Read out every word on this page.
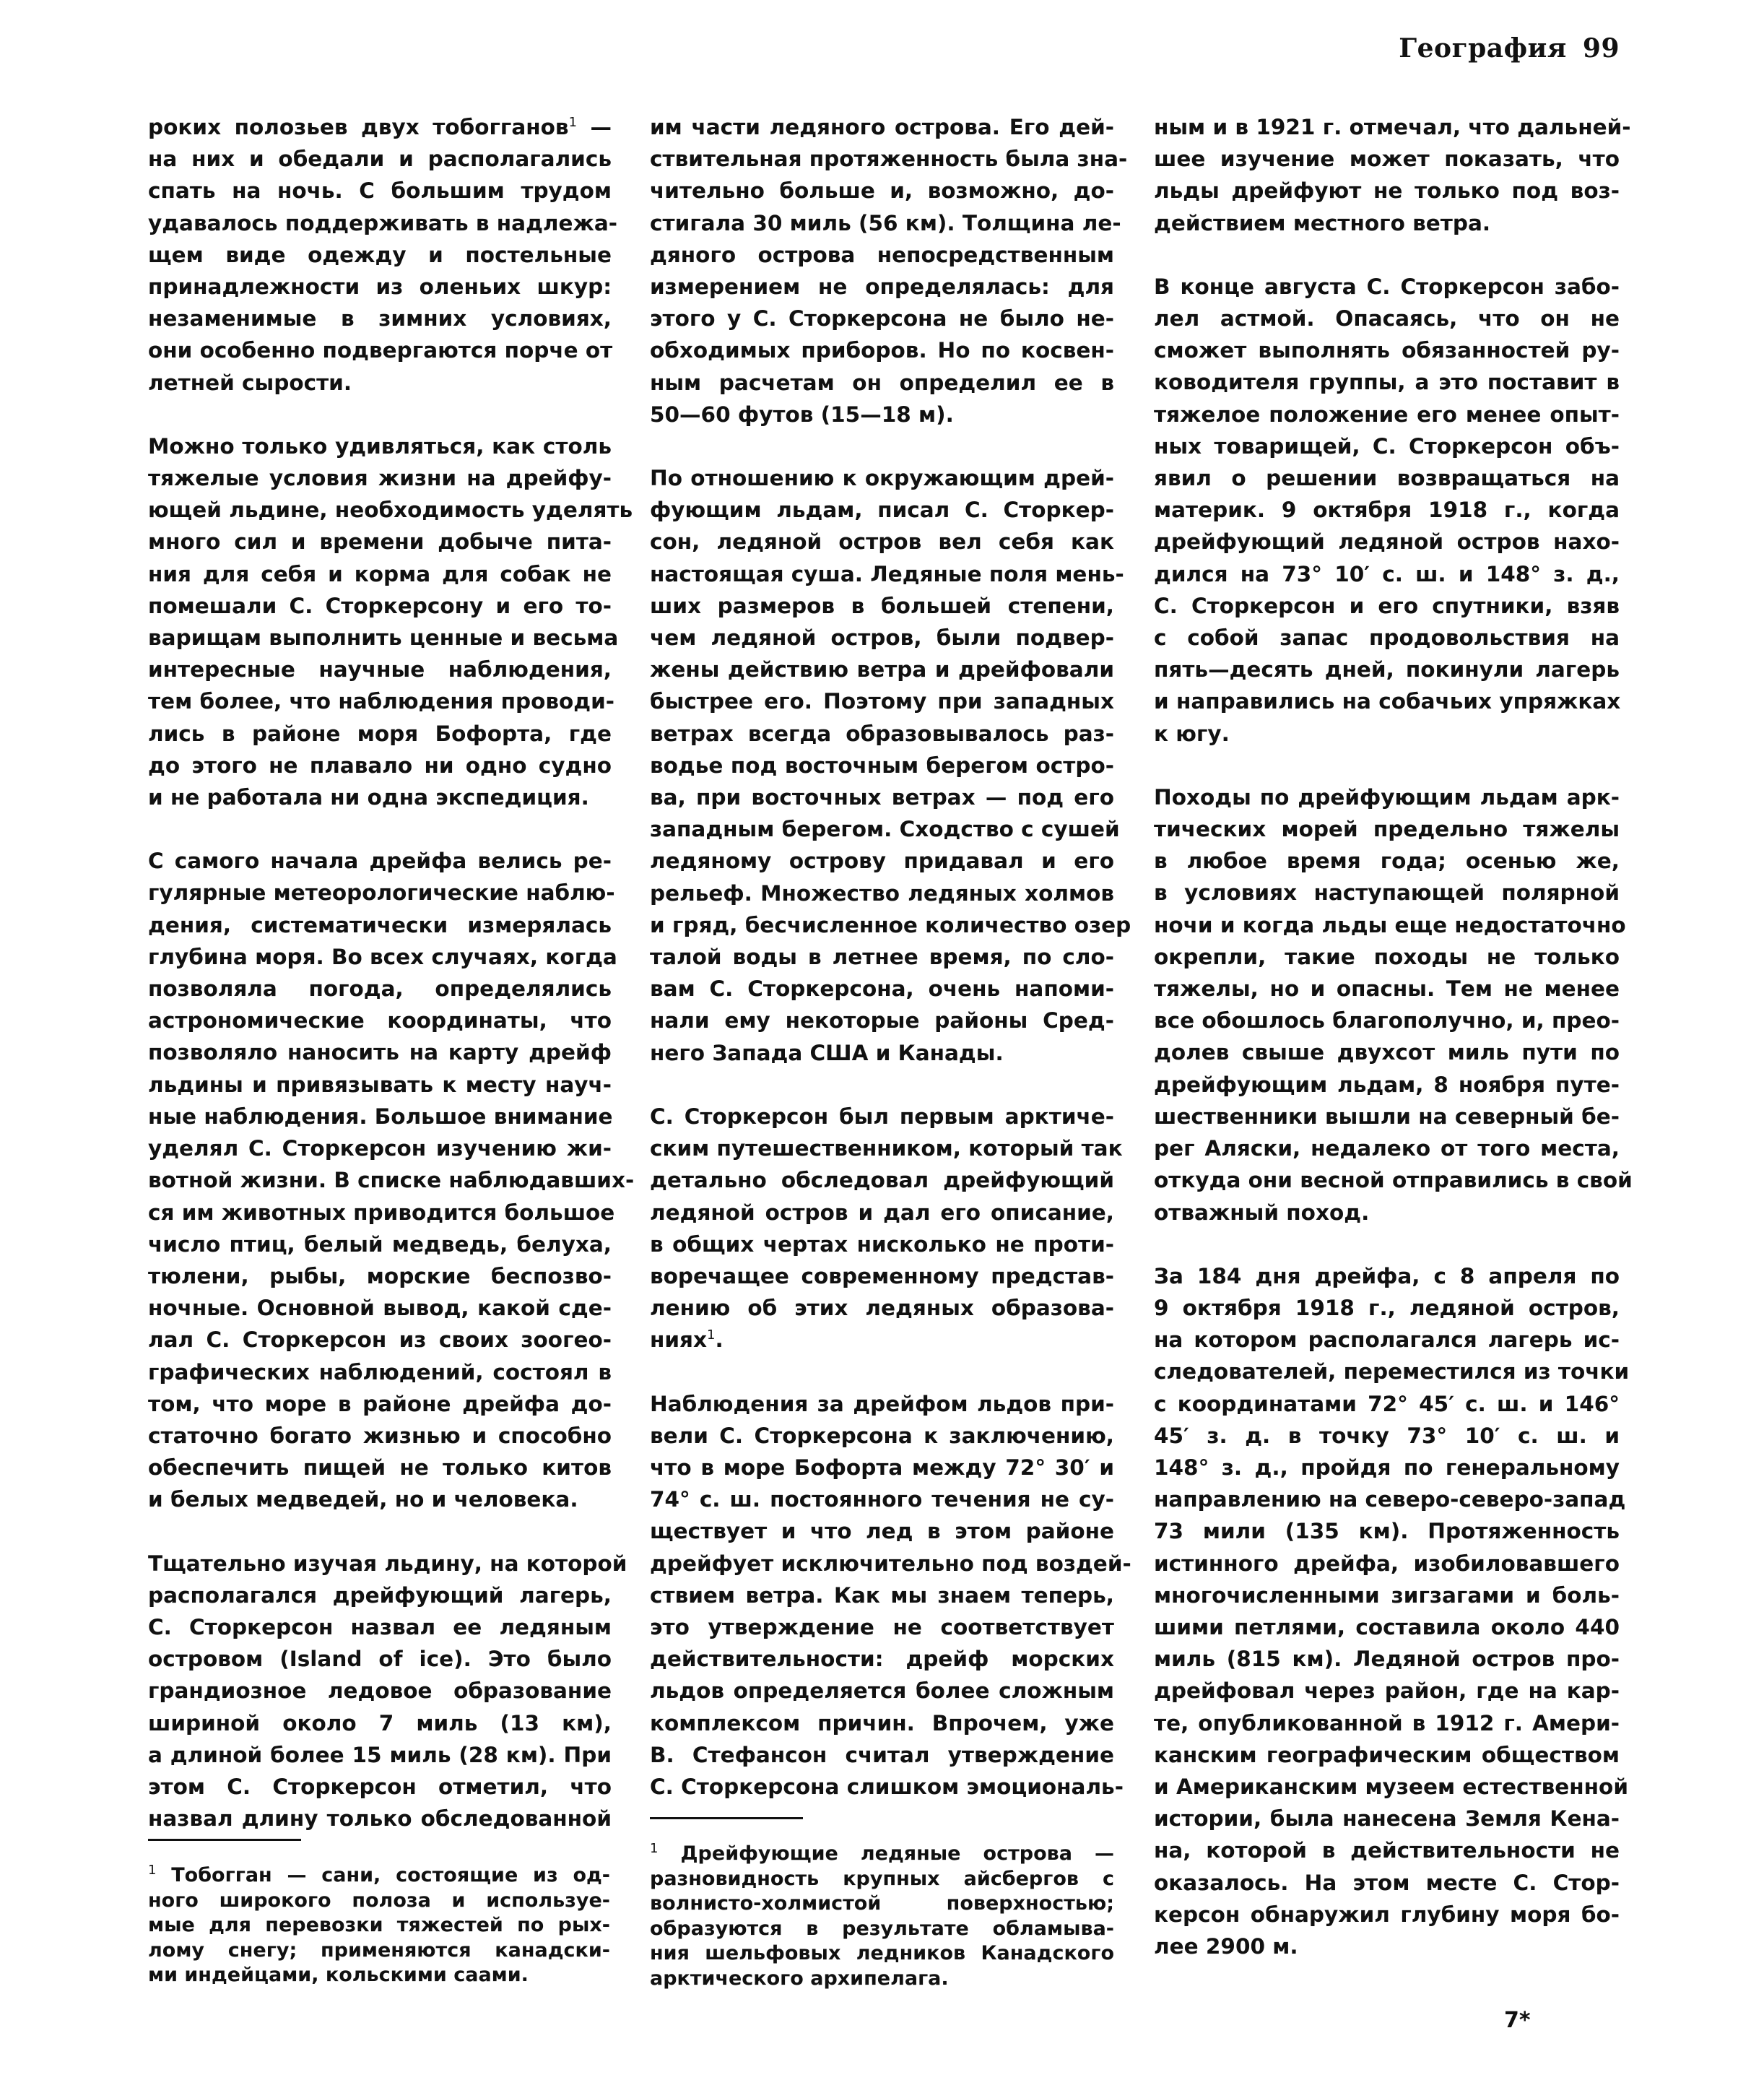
География 99

роких полозьев двух тобогганов$^1$ —
на них и обедали и располагались
спать на ночь. С большим трудом
удавалось поддерживать в надлежа-
щем виде одежду и постельные
принадлежности из оленьих шкур:
незаменимые в зимних условиях,
они особенно подвергаются порче от
летней сырости.

Можно только удивляться, как столь
тяжелые условия жизни на дрейфу-
ющей льдине, необходимость уделять
много сил и времени добыче пита-
ния для себя и корма для собак не
помешали С. Сторкерсону и его то-
варищам выполнить ценные и весьма
интересные научные наблюдения,
тем более, что наблюдения проводи-
лись в районе моря Бофорта, где
до этого не плавало ни одно судно
и не работала ни одна экспедиция.

С самого начала дрейфа велись ре-
гулярные метеорологические наблю-
дения, систематически измерялась
глубина моря. Во всех случаях, когда
позволяла погода, определялись
астрономические координаты, что
позволяло наносить на карту дрейф
льдины и привязывать к месту науч-
ные наблюдения. Большое внимание
уделял С. Сторкерсон изучению жи-
вотной жизни. В списке наблюдавших-
ся им животных приводится большое
число птиц, белый медведь, белуха,
тюлени, рыбы, морские беспозво-
ночные. Основной вывод, какой сде-
лал С. Сторкерсон из своих зоогео-
графических наблюдений, состоял в
том, что море в районе дрейфа до-
статочно богато жизнью и способно
обеспечить пищей не только китов
и белых медведей, но и человека.

Тщательно изучая льдину, на которой
располагался дрейфующий лагерь,
С. Сторкерсон назвал ее ледяным
островом (Island of ice). Это было
грандиозное ледовое образование
шириной около 7 миль (13 км),
а длиной более 15 миль (28 км). При
этом С. Сторкерсон отметил, что
назвал длину только обследованной

им части ледяного острова. Его дей-
ствительная протяженность была зна-
чительно больше и, возможно, до-
стигала 30 миль (56 км). Толщина ле-
дяного острова непосредственным
измерением не определялась: для
этого у С. Сторкерсона не было не-
обходимых приборов. Но по косвен-
ным расчетам он определил ее в
50—60 футов (15—18 м).

По отношению к окружающим дрей-
фующим льдам, писал С. Сторкер-
сон, ледяной остров вел себя как
настоящая суша. Ледяные поля мень-
ших размеров в большей степени,
чем ледяной остров, были подвер-
жены действию ветра и дрейфовали
быстрее его. Поэтому при западных
ветрах всегда образовывалось раз-
водье под восточным берегом остро-
ва, при восточных ветрах — под его
западным берегом. Сходство с сушей
ледяному острову придавал и его
рельеф. Множество ледяных холмов
и гряд, бесчисленное количество озер
талой воды в летнее время, по сло-
вам С. Сторкерсона, очень напоми-
нали ему некоторые районы Сред-
него Запада США и Канады.

С. Сторкерсон был первым арктиче-
ским путешественником, который так
детально обследовал дрейфующий
ледяной остров и дал его описание,
в общих чертах нисколько не проти-
воречащее современному представ-
лению об этих ледяных образова-
ниях$^1$.

Наблюдения за дрейфом льдов при-
вели С. Сторкерсона к заключению,
что в море Бофорта между 72° 30′ и
74° с. ш. постоянного течения не су-
ществует и что лед в этом районе
дрейфует исключительно под воздей-
ствием ветра. Как мы знаем теперь,
это утверждение не соответствует
действительности: дрейф морских
льдов определяется более сложным
комплексом причин. Впрочем, уже
В. Стефансон считал утверждение
С. Сторкерсона слишком эмоциональ-

ным и в 1921 г. отмечал, что дальней-
шее изучение может показать, что
льды дрейфуют не только под воз-
действием местного ветра.

В конце августа С. Сторкерсон забо-
лел астмой. Опасаясь, что он не
сможет выполнять обязанностей ру-
ководителя группы, а это поставит в
тяжелое положение его менее опыт-
ных товарищей, С. Сторкерсон объ-
явил о решении возвращаться на
материк. 9 октября 1918 г., когда
дрейфующий ледяной остров нахо-
дился на 73° 10′ с. ш. и 148° з. д.,
С. Сторкерсон и его спутники, взяв
с собой запас продовольствия на
пять—десять дней, покинули лагерь
и направились на собачьих упряжках
к югу.

Походы по дрейфующим льдам арк-
тических морей предельно тяжелы
в любое время года; осенью же,
в условиях наступающей полярной
ночи и когда льды еще недостаточно
окрепли, такие походы не только
тяжелы, но и опасны. Тем не менее
все обошлось благополучно, и, прео-
долев свыше двухсот миль пути по
дрейфующим льдам, 8 ноября путе-
шественники вышли на северный бе-
рег Аляски, недалеко от того места,
откуда они весной отправились в свой
отважный поход.

За 184 дня дрейфа, с 8 апреля по
9 октября 1918 г., ледяной остров,
на котором располагался лагерь ис-
следователей, переместился из точки
с координатами 72° 45′ с. ш. и 146°
45′ з. д. в точку 73° 10′ с. ш. и
148° з. д., пройдя по генеральному
направлению на северо-северо-запад
73 мили (135 км). Протяженность
истинного дрейфа, изобиловавшего
многочисленными зигзагами и боль-
шими петлями, составила около 440
миль (815 км). Ледяной остров про-
дрейфовал через район, где на кар-
те, опубликованной в 1912 г. Амери-
канским географическим обществом
и Американским музеем естественной
истории, была нанесена Земля Кена-
на, которой в действительности не
оказалось. На этом месте С. Стор-
керсон обнаружил глубину моря бо-
лее 2900 м.

$^1$ Тобогган — сани, состоящие из од-
ного широкого полоза и используе-
мые для перевозки тяжестей по рых-
лому снегу; применяются канадски-
ми индейцами, кольскими саами.
$^1$ Дрейфующие ледяные острова —
разновидность крупных айсбергов с
волнисто-холмистой поверхностью;
образуются в результате обламыва-
ния шельфовых ледников Канадского
арктического архипелага.
7*
